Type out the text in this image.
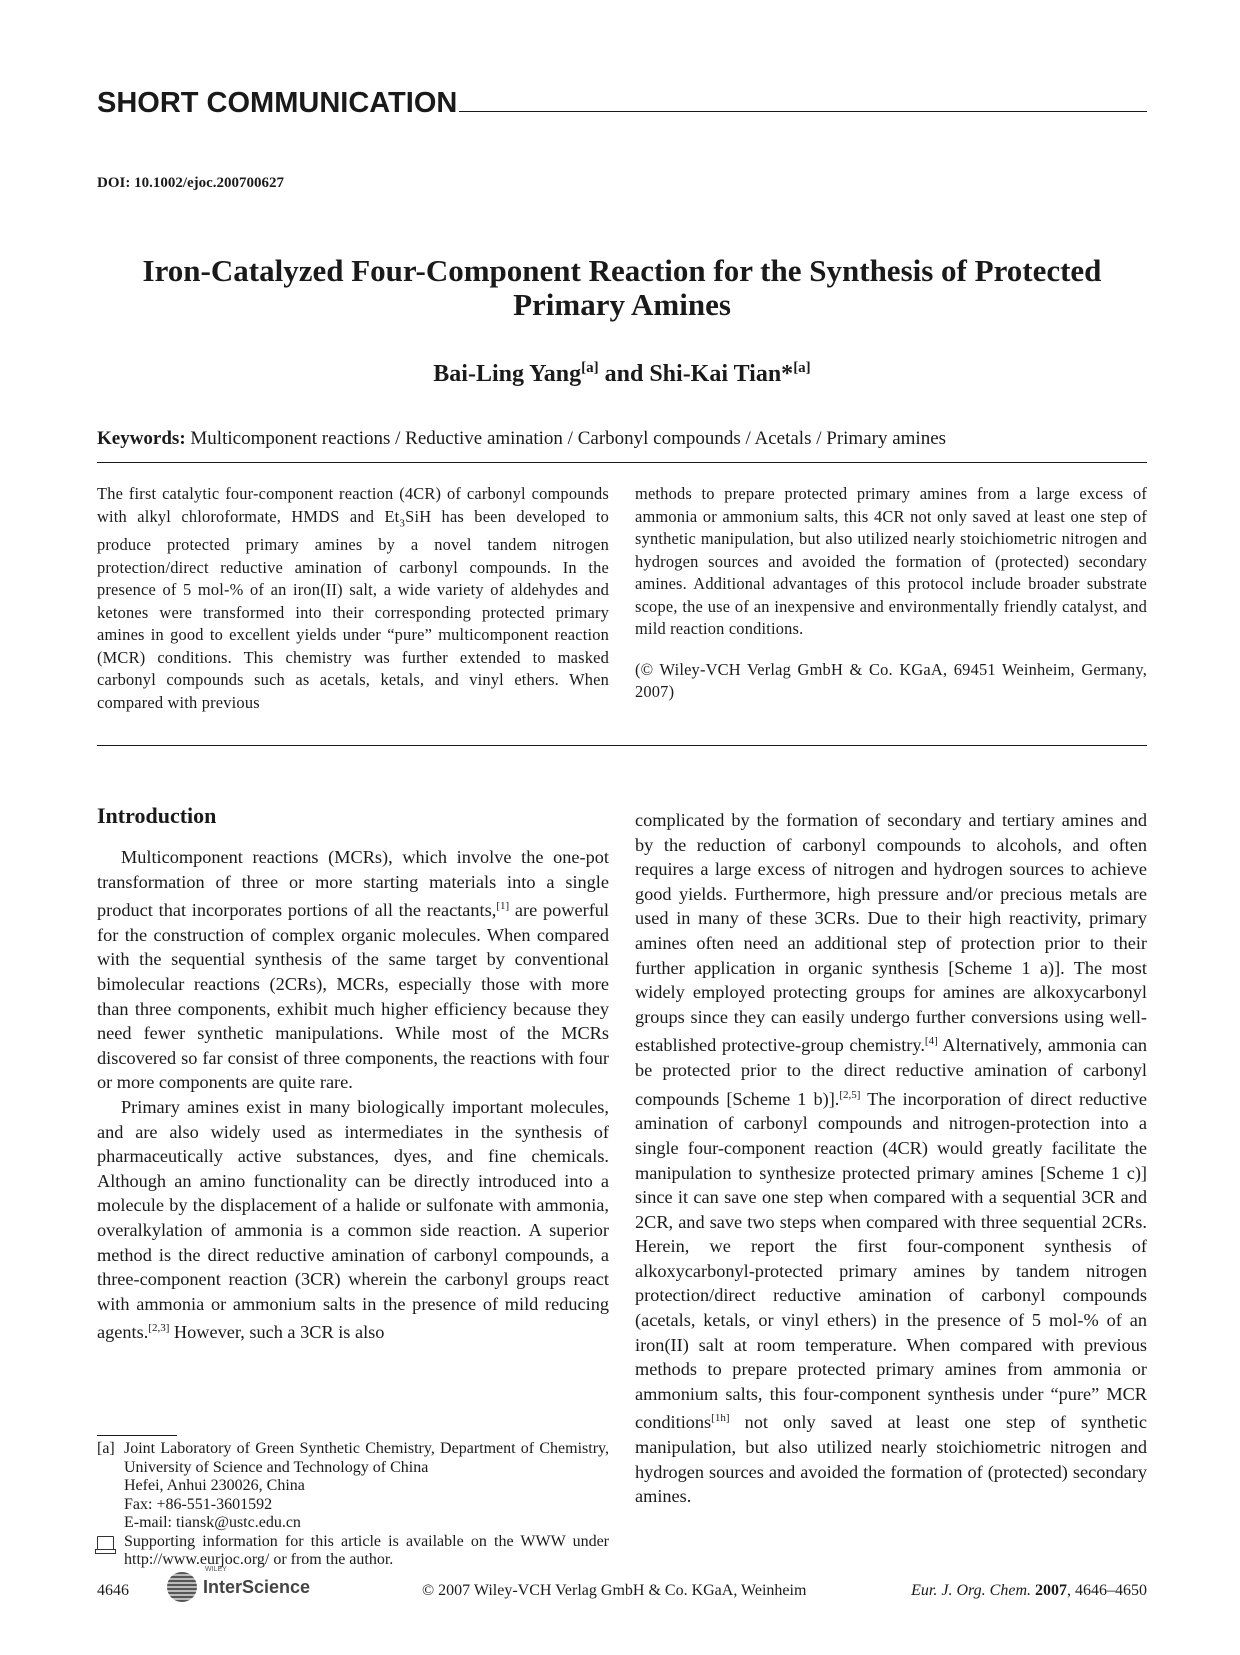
SHORT COMMUNICATION
DOI: 10.1002/ejoc.200700627
Iron-Catalyzed Four-Component Reaction for the Synthesis of Protected Primary Amines
Bai-Ling Yang[a] and Shi-Kai Tian*[a]
Keywords: Multicomponent reactions / Reductive amination / Carbonyl compounds / Acetals / Primary amines

The first catalytic four-component reaction (4CR) of carbonyl compounds with alkyl chloroformate, HMDS and $Et_3SiH$ has been developed to produce protected primary amines by a novel tandem nitrogen protection/direct reductive amination of carbonyl compounds. In the presence of 5 mol-% of an iron(II) salt, a wide variety of aldehydes and ketones were transformed into their corresponding protected primary amines in good to excellent yields under “pure” multicomponent reaction (MCR) conditions. This chemistry was further extended to masked carbonyl compounds such as acetals, ketals, and vinyl ethers. When compared with previous

methods to prepare protected primary amines from a large excess of ammonia or ammonium salts, this 4CR not only saved at least one step of synthetic manipulation, but also utilized nearly stoichiometric nitrogen and hydrogen sources and avoided the formation of (protected) secondary amines. Additional advantages of this protocol include broader substrate scope, the use of an inexpensive and environmentally friendly catalyst, and mild reaction conditions.

(© Wiley-VCH Verlag GmbH & Co. KGaA, 69451 Weinheim, Germany, 2007)

Introduction

Multicomponent reactions (MCRs), which involve the one-pot transformation of three or more starting materials into a single product that incorporates portions of all the reactants,[1] are powerful for the construction of complex organic molecules. When compared with the sequential synthesis of the same target by conventional bimolecular reactions (2CRs), MCRs, especially those with more than three components, exhibit much higher efficiency because they need fewer synthetic manipulations. While most of the MCRs discovered so far consist of three components, the reactions with four or more components are quite rare.

Primary amines exist in many biologically important molecules, and are also widely used as intermediates in the synthesis of pharmaceutically active substances, dyes, and fine chemicals. Although an amino functionality can be directly introduced into a molecule by the displacement of a halide or sulfonate with ammonia, overalkylation of ammonia is a common side reaction. A superior method is the direct reductive amination of carbonyl compounds, a three-component reaction (3CR) wherein the carbonyl groups react with ammonia or ammonium salts in the presence of mild reducing agents.[2,3] However, such a 3CR is also

complicated by the formation of secondary and tertiary amines and by the reduction of carbonyl compounds to alcohols, and often requires a large excess of nitrogen and hydrogen sources to achieve good yields. Furthermore, high pressure and/or precious metals are used in many of these 3CRs. Due to their high reactivity, primary amines often need an additional step of protection prior to their further application in organic synthesis [Scheme 1 a)]. The most widely employed protecting groups for amines are alkoxycarbonyl groups since they can easily undergo further conversions using well-established protective-group chemistry.[4] Alternatively, ammonia can be protected prior to the direct reductive amination of carbonyl compounds [Scheme 1 b)].[2,5] The incorporation of direct reductive amination of carbonyl compounds and nitrogen-protection into a single four-component reaction (4CR) would greatly facilitate the manipulation to synthesize protected primary amines [Scheme 1 c)] since it can save one step when compared with a sequential 3CR and 2CR, and save two steps when compared with three sequential 2CRs. Herein, we report the first four-component synthesis of alkoxycarbonyl-protected primary amines by tandem nitrogen protection/direct reductive amination of carbonyl compounds (acetals, ketals, or vinyl ethers) in the presence of 5 mol-% of an iron(II) salt at room temperature. When compared with previous methods to prepare protected primary amines from ammonia or ammonium salts, this four-component synthesis under “pure” MCR conditions[1h] not only saved at least one step of synthetic manipulation, but also utilized nearly stoichiometric nitrogen and hydrogen sources and avoided the formation of (protected) secondary amines.

[a] Joint Laboratory of Green Synthetic Chemistry, Department of Chemistry, University of Science and Technology of China
Hefei, Anhui 230026, China
Fax: +86-551-3601592
E-mail: tiansk@ustc.edu.cn
Supporting information for this article is available on the WWW under http://www.eurjoc.org/ or from the author.
4646
WILEY
InterScience	© 2007 Wiley-VCH Verlag GmbH & Co. KGaA, Weinheim	Eur. J. Org. Chem. 2007, 4646–4650
